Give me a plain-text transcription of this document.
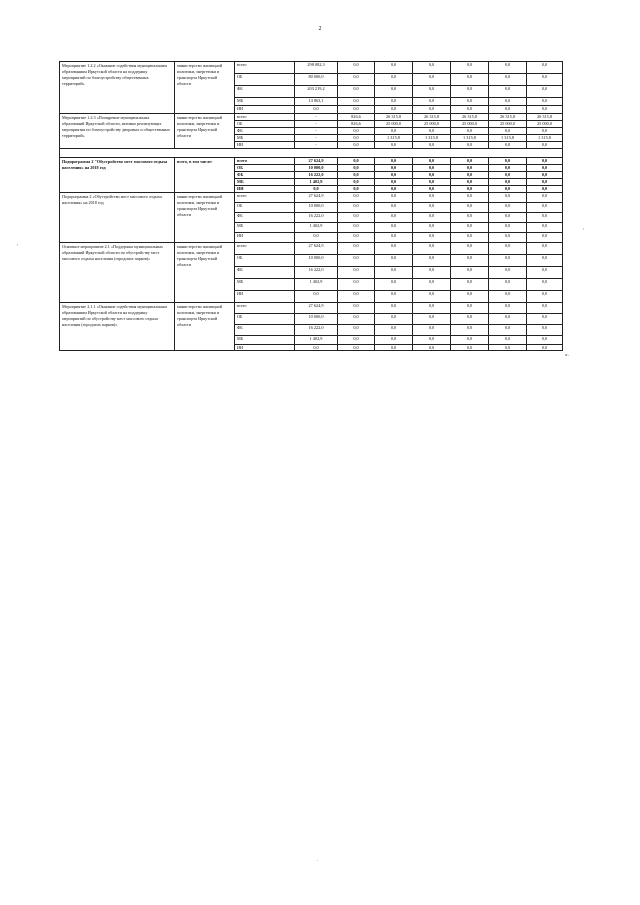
2
Мероприятие 1.2.2 «Оказание содействия муниципальным образованиям Иркутской области на поддержку мероприятий по благоустройству общественных территорий»	министерство жилищной политики, энергетики и транспорта Иркутской области	всего	298 082,3	0,0	0,0	0,0	0,0	0,0	0,0
		ОБ	80 000,0	0,0	0,0	0,0	0,0	0,0	0,0
		ФБ	203 219,2	0,0	0,0	0,0	0,0	0,0	0,0
		МБ	14 863,1	0,0	0,0	0,0	0,0	0,0	0,0
		ИИ	0,0	0,0	0,0	0,0	0,0	0,0	0,0
Мероприятие 1.2.3 «Поощрение муниципальных образований Иркутской области, активно реализующих мероприятия по благоустройству дворовых и общественных территорий»	министерство жилищной политики, энергетики и транспорта Иркутской области	всего	-	826,6	26 315,8	26 315,8	26 315,8	26 315,8	26 315,8
		ОБ	-	826,6	25 000,0	25 000,0	25 000,0	25 000,0	25 000,0
		ФБ	-	0,0	0,0	0,0	0,0	0,0	0,0
		МБ	-	0,0	1 315,8	1 315,8	1 315,8	1 315,8	1 315,8
		ИИ	-	0,0	0,0	0,0	0,0	0,0	0,0

Подпрограмма 2 "Обустройство мест массового отдыха населения» на 2018 год	всего, в том числе:	всего	27 624,9	0,0	0,0	0,0	0,0	0,0	0,0
		ОБ	10 000,0	0,0	0,0	0,0	0,0	0,0	0,0
		ФБ	16 222,0	0,0	0,0	0,0	0,0	0,0	0,0
		МБ	1 402,9	0,0	0,0	0,0	0,0	0,0	0,0
		ИИ	0,0	0,0	0,0	0,0	0,0	0,0	0,0
Подпрограмма 2 «Обустройство мест массового отдыха населения» на 2018 год	министерство жилищной политики, энергетики и транспорта Иркутской области	всего	27 624,9	0,0	0,0	0,0	0,0	0,0	0,0
		ОБ	10 000,0	0,0	0,0	0,0	0,0	0,0	0,0
		ФБ	16 222,0	0,0	0,0	0,0	0,0	0,0	0,0
		МБ	1 402,9	0,0	0,0	0,0	0,0	0,0	0,0
		ИИ	0,0	0,0	0,0	0,0	0,0	0,0	0,0
Основное мероприятие 2.1 «Поддержка муниципальных образований Иркутской области по обустройству мест массового отдыха населения (городских парков)»	министерство жилищной политики, энергетики и транспорта Иркутской области	всего	27 624,9	0,0	0,0	0,0	0,0	0,0	0,0
		ОБ	10 000,0	0,0	0,0	0,0	0,0	0,0	0,0
		ФБ	16 222,0	0,0	0,0	0,0	0,0	0,0	0,0
		МБ	1 402,9	0,0	0,0	0,0	0,0	0,0	0,0
		ИИ	0,0	0,0	0,0	0,0	0,0	0,0	0,0
Мероприятие 2.1.1 «Оказание содействия муниципальным образованиям Иркутской области на поддержку мероприятий по обустройству мест массового отдыха населения (городских парков)»	министерство жилищной политики, энергетики и транспорта Иркутской области	всего	27 624,9	0,0	0,0	0,0	0,0	0,0	0,0
		ОБ	10 000,0	0,0	0,0	0,0	0,0	0,0	0,0
		ФБ	16 222,0	0,0	0,0	0,0	0,0	0,0	0,0
		МБ	1 402,9	0,0	0,0	0,0	0,0	0,0	0,0
		ИИ	0,0	0,0	0,0	0,0	0,0	0,0	0,0
».
,
,
.
